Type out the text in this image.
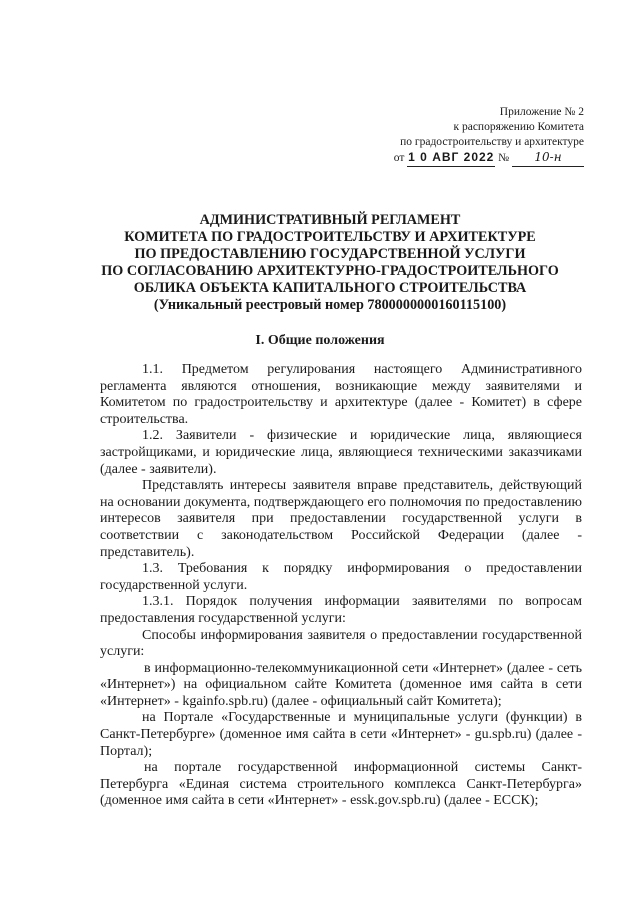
Приложение № 2
к распоряжению Комитета
по градостроительству и архитектуре
от 1 0 АВГ 2022 № 10-н
АДМИНИСТРАТИВНЫЙ РЕГЛАМЕНТ
КОМИТЕТА ПО ГРАДОСТРОИТЕЛЬСТВУ И АРХИТЕКТУРЕ
ПО ПРЕДОСТАВЛЕНИЮ ГОСУДАРСТВЕННОЙ УСЛУГИ
ПО СОГЛАСОВАНИЮ АРХИТЕКТУРНО-ГРАДОСТРОИТЕЛЬНОГО
ОБЛИКА ОБЪЕКТА КАПИТАЛЬНОГО СТРОИТЕЛЬСТВА
(Уникальный реестровый номер 7800000000160115100)
I. Общие положения

1.1. Предметом регулирования настоящего Административного регламента являются отношения, возникающие между заявителями и Комитетом по градостроительству и архитектуре (далее - Комитет) в сфере строительства.

1.2. Заявители - физические и юридические лица, являющиеся застройщиками, и юридические лица, являющиеся техническими заказчиками (далее - заявители).

Представлять интересы заявителя вправе представитель, действующий на основании документа, подтверждающего его полномочия по предоставлению интересов заявителя при предоставлении государственной услуги в соответствии с законодательством Российской Федерации (далее - представитель).

1.3. Требования к порядку информирования о предоставлении государственной услуги.

1.3.1. Порядок получения информации заявителями по вопросам предоставления государственной услуги:

Способы информирования заявителя о предоставлении государственной услуги:

в информационно-телекоммуникационной сети «Интернет» (далее - сеть «Интернет») на официальном сайте Комитета (доменное имя сайта в сети «Интернет» - kgainfo.spb.ru) (далее - официальный сайт Комитета);

на Портале «Государственные и муниципальные услуги (функции) в Санкт-Петербурге» (доменное имя сайта в сети «Интернет» - gu.spb.ru) (далее - Портал);

на портале государственной информационной системы Санкт-Петербурга «Единая система строительного комплекса Санкт-Петербурга» (доменное имя сайта в сети «Интернет» - essk.gov.spb.ru) (далее - ЕССК);
